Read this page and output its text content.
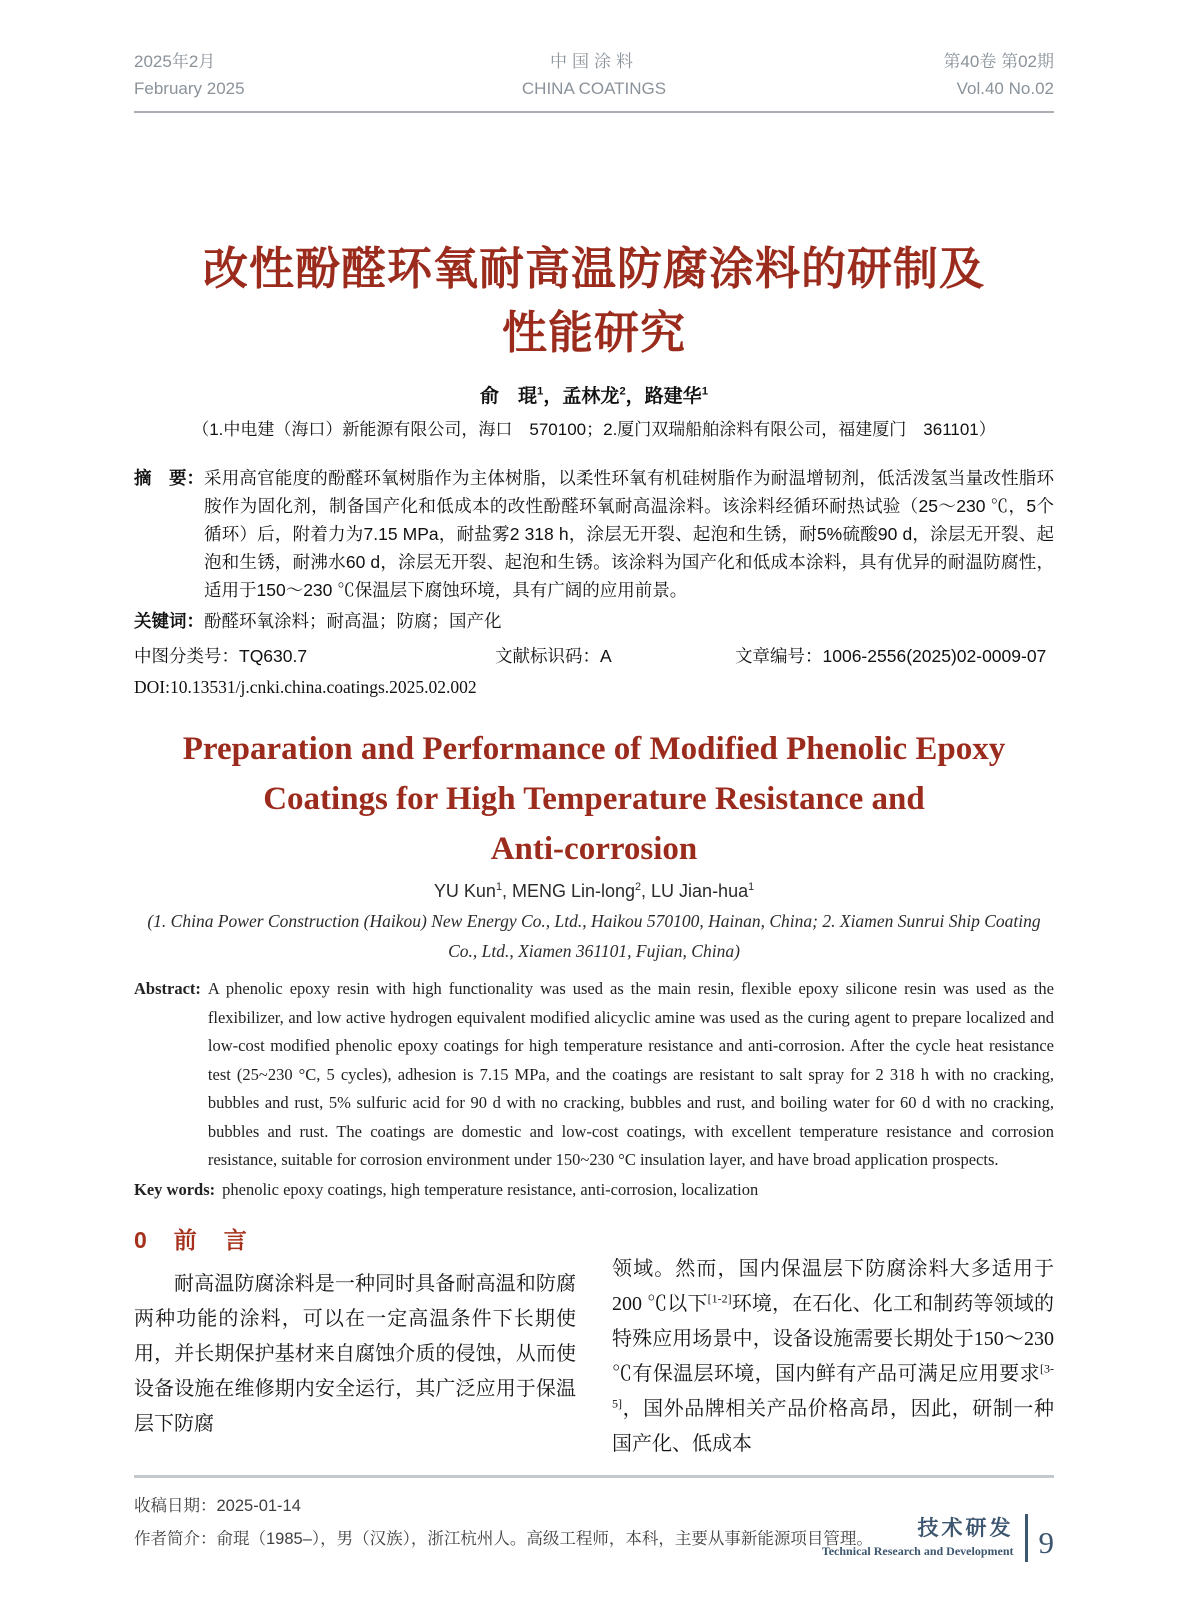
2025年2月
February 2025
中国涂料
CHINA COATINGS
第40卷 第02期
Vol.40 No.02
改性酚醛环氧耐高温防腐涂料的研制及
性能研究
俞　琨$^1$，孟林龙$^2$，路建华$^1$
（1.中电建（海口）新能源有限公司，海口　570100；2.厦门双瑞船舶涂料有限公司，福建厦门　361101）
摘　要： 采用高官能度的酚醛环氧树脂作为主体树脂，以柔性环氧有机硅树脂作为耐温增韧剂，低活泼氢当量改性脂环胺作为固化剂，制备国产化和低成本的改性酚醛环氧耐高温涂料。该涂料经循环耐热试验（25～230 ℃，5个循环）后，附着力为7.15 MPa，耐盐雾2 318 h，涂层无开裂、起泡和生锈，耐5%硫酸90 d，涂层无开裂、起泡和生锈，耐沸水60 d，涂层无开裂、起泡和生锈。该涂料为国产化和低成本涂料，具有优异的耐温防腐性，适用于150～230 ℃保温层下腐蚀环境，具有广阔的应用前景。
关键词： 酚醛环氧涂料；耐高温；防腐；国产化
中图分类号：TQ630.7	文献标识码：A	文章编号：1006-2556(2025)02-0009-07
DOI:10.13531/j.cnki.china.coatings.2025.02.002
Preparation and Performance of Modified Phenolic Epoxy
Coatings for High Temperature Resistance and
Anti-corrosion
YU Kun$^1$, MENG Lin-long$^2$, LU Jian-hua$^1$
(1. China Power Construction (Haikou) New Energy Co., Ltd., Haikou 570100, Hainan, China; 2. Xiamen Sunrui Ship Coating Co., Ltd., Xiamen 361101, Fujian, China)
Abstract: A phenolic epoxy resin with high functionality was used as the main resin, flexible epoxy silicone resin was used as the flexibilizer, and low active hydrogen equivalent modified alicyclic amine was used as the curing agent to prepare localized and low-cost modified phenolic epoxy coatings for high temperature resistance and anti-corrosion. After the cycle heat resistance test (25~230 °C, 5 cycles), adhesion is 7.15 MPa, and the coatings are resistant to salt spray for 2 318 h with no cracking, bubbles and rust, 5% sulfuric acid for 90 d with no cracking, bubbles and rust, and boiling water for 60 d with no cracking, bubbles and rust. The coatings are domestic and low-cost coatings, with excellent temperature resistance and corrosion resistance, suitable for corrosion environment under 150~230 °C insulation layer, and have broad application prospects.
Key words: phenolic epoxy coatings, high temperature resistance, anti-corrosion, localization
0　前　言

耐高温防腐涂料是一种同时具备耐高温和防腐两种功能的涂料，可以在一定高温条件下长期使用，并长期保护基材来自腐蚀介质的侵蚀，从而使设备设施在维修期内安全运行，其广泛应用于保温层下防腐

领域。然而，国内保温层下防腐涂料大多适用于200 ℃以下[1-2]环境，在石化、化工和制药等领域的特殊应用场景中，设备设施需要长期处于150～230 ℃有保温层环境，国内鲜有产品可满足应用要求[3-5]，国外品牌相关产品价格高昂，因此，研制一种国产化、低成本

收稿日期：2025-01-14
作者简介：俞琨（1985–），男（汉族），浙江杭州人。高级工程师，本科，主要从事新能源项目管理。	技术研发
Technical Research and Development 9
